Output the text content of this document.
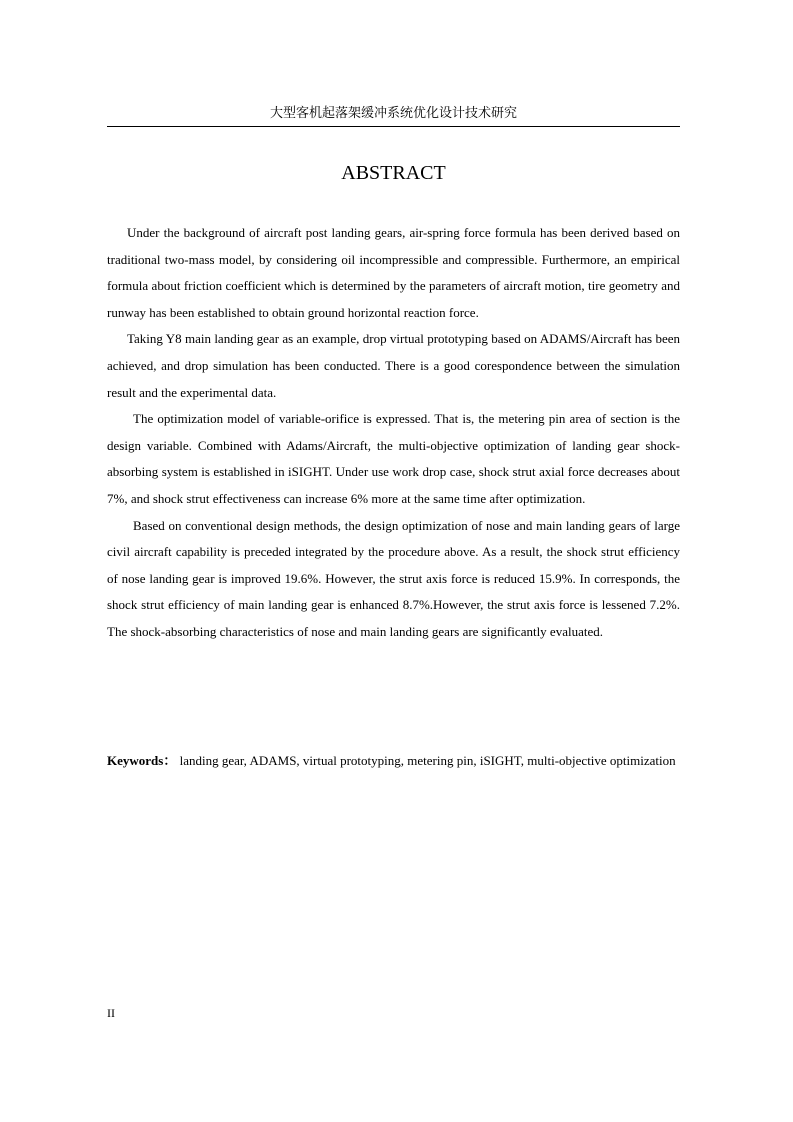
大型客机起落架缓冲系统优化设计技术研究
ABSTRACT

Under the background of aircraft post landing gears, air-spring force formula has been derived based on traditional two-mass model, by considering oil incompressible and compressible. Furthermore, an empirical formula about friction coefficient which is determined by the parameters of aircraft motion, tire geometry and runway has been established to obtain ground horizontal reaction force.

Taking Y8 main landing gear as an example, drop virtual prototyping based on ADAMS/Aircraft has been achieved, and drop simulation has been conducted. There is a good corespondence between the simulation result and the experimental data.

The optimization model of variable-orifice is expressed. That is, the metering pin area of section is the design variable. Combined with Adams/Aircraft, the multi-objective optimization of landing gear shock-absorbing system is established in iSIGHT. Under use work drop case, shock strut axial force decreases about 7%, and shock strut effectiveness can increase 6% more at the same time after optimization.

Based on conventional design methods, the design optimization of nose and main landing gears of large civil aircraft capability is preceded integrated by the procedure above. As a result, the shock strut efficiency of nose landing gear is improved 19.6%. However, the strut axis force is reduced 15.9%. In corresponds, the shock strut efficiency of main landing gear is enhanced 8.7%.However, the strut axis force is lessened 7.2%. The shock-absorbing characteristics of nose and main landing gears are significantly evaluated.

Keywords： landing gear, ADAMS, virtual prototyping, metering pin, iSIGHT, multi-objective optimization
II
